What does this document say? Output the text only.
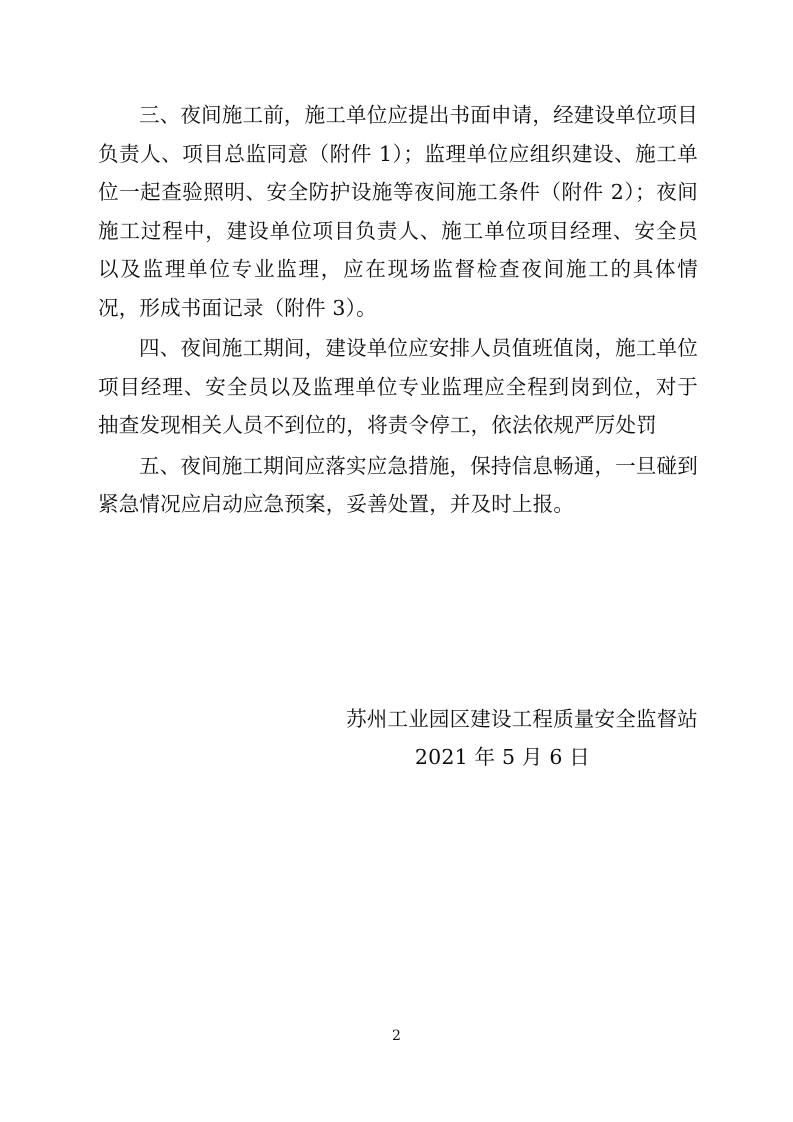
三、夜间施工前，施工单位应提出书面申请，经建设单位项目负责人、项目总监同意（附件 1）；监理单位应组织建设、施工单位一起查验照明、安全防护设施等夜间施工条件（附件 2）；夜间施工过程中，建设单位项目负责人、施工单位项目经理、安全员以及监理单位专业监理，应在现场监督检查夜间施工的具体情况，形成书面记录（附件 3）。

四、夜间施工期间，建设单位应安排人员值班值岗，施工单位项目经理、安全员以及监理单位专业监理应全程到岗到位，对于抽查发现相关人员不到位的，将责令停工，依法依规严厉处罚

五、夜间施工期间应落实应急措施，保持信息畅通，一旦碰到紧急情况应启动应急预案，妥善处置，并及时上报。

苏州工业园区建设工程质量安全监督站
2021 年 5 月 6 日
2
